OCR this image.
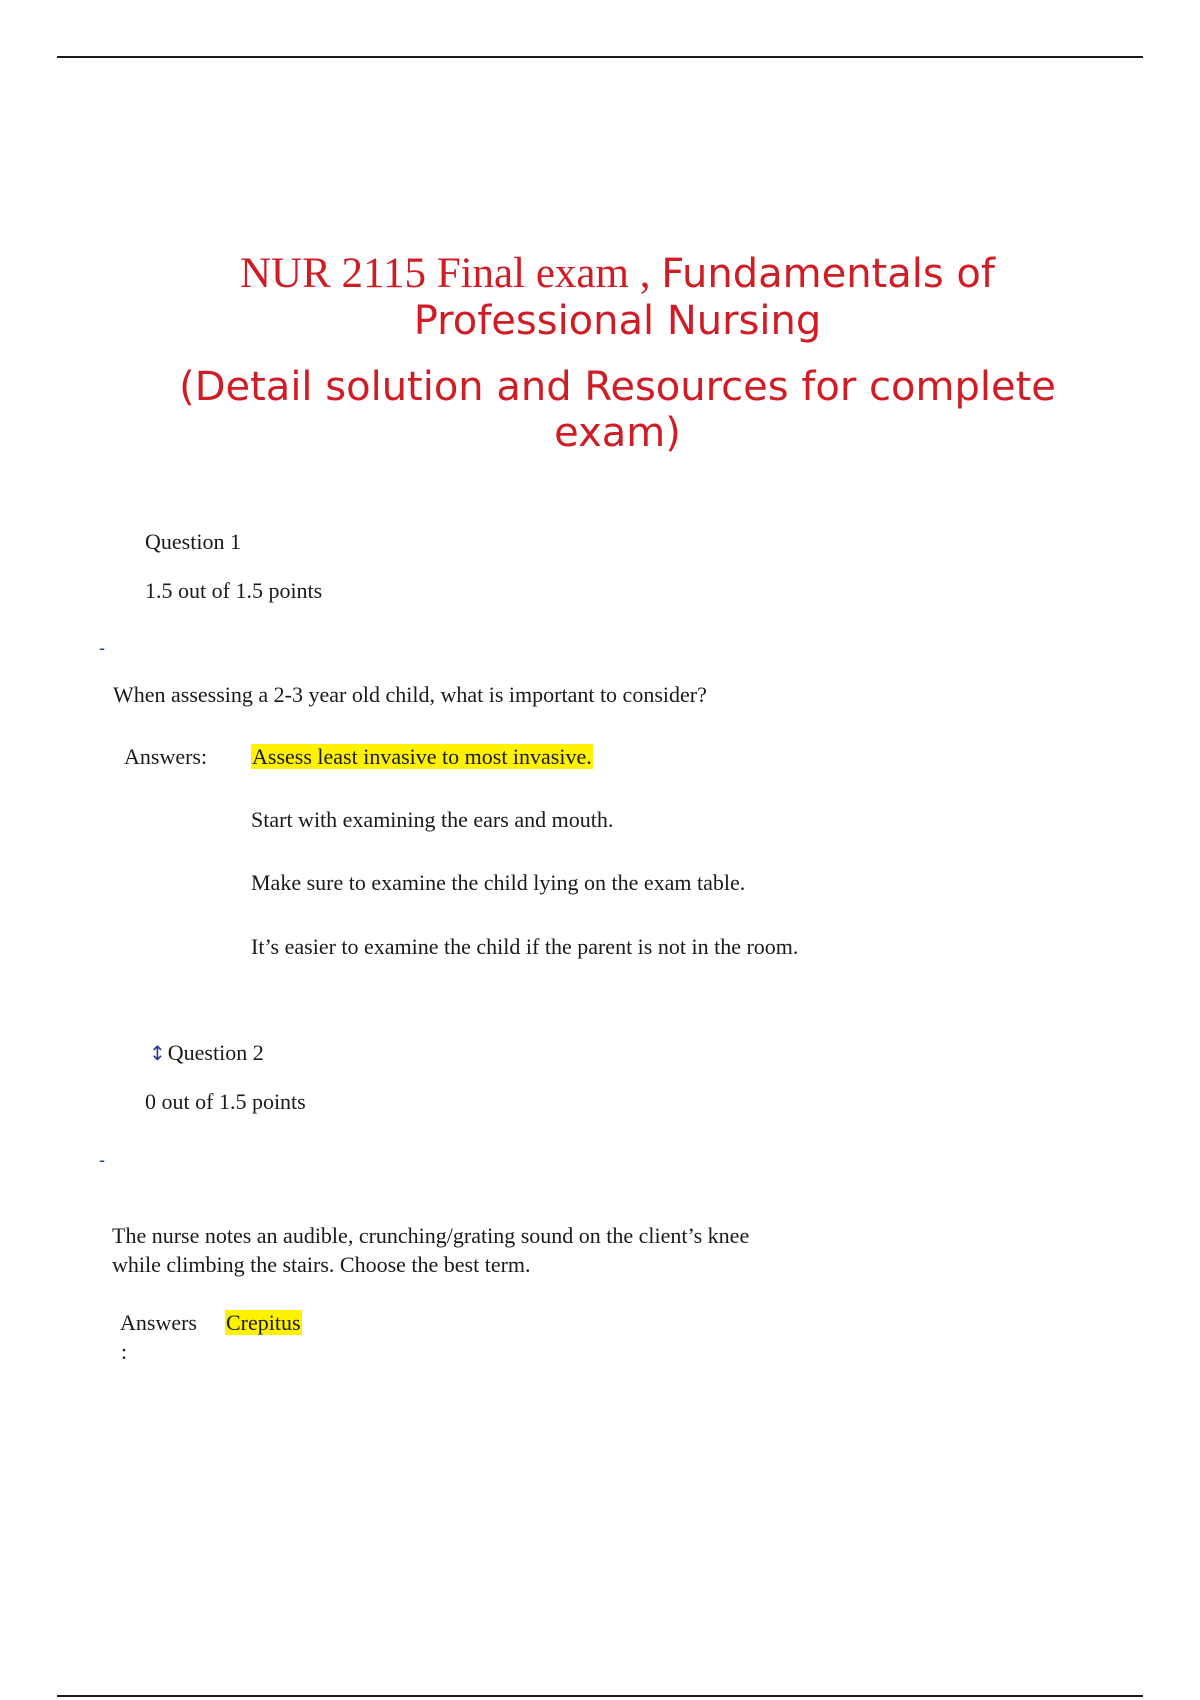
NUR 2115 Final exam , Fundamentals of
Professional Nursing
(Detail solution and Resources for complete exam)
Question 1
1.5 out of 1.5 points
-
When assessing a 2-3 year old child, what is important to consider?
Answers: Assess least invasive to most invasive.
Start with examining the ears and mouth.
Make sure to examine the child lying on the exam table.
It’s easier to examine the child if the parent is not in the room.
↕Question 2
0 out of 1.5 points
-
The nurse notes an audible, crunching/grating sound on the client’s knee while climbing the stairs. Choose the best term.
Answers
:
Crepitus
